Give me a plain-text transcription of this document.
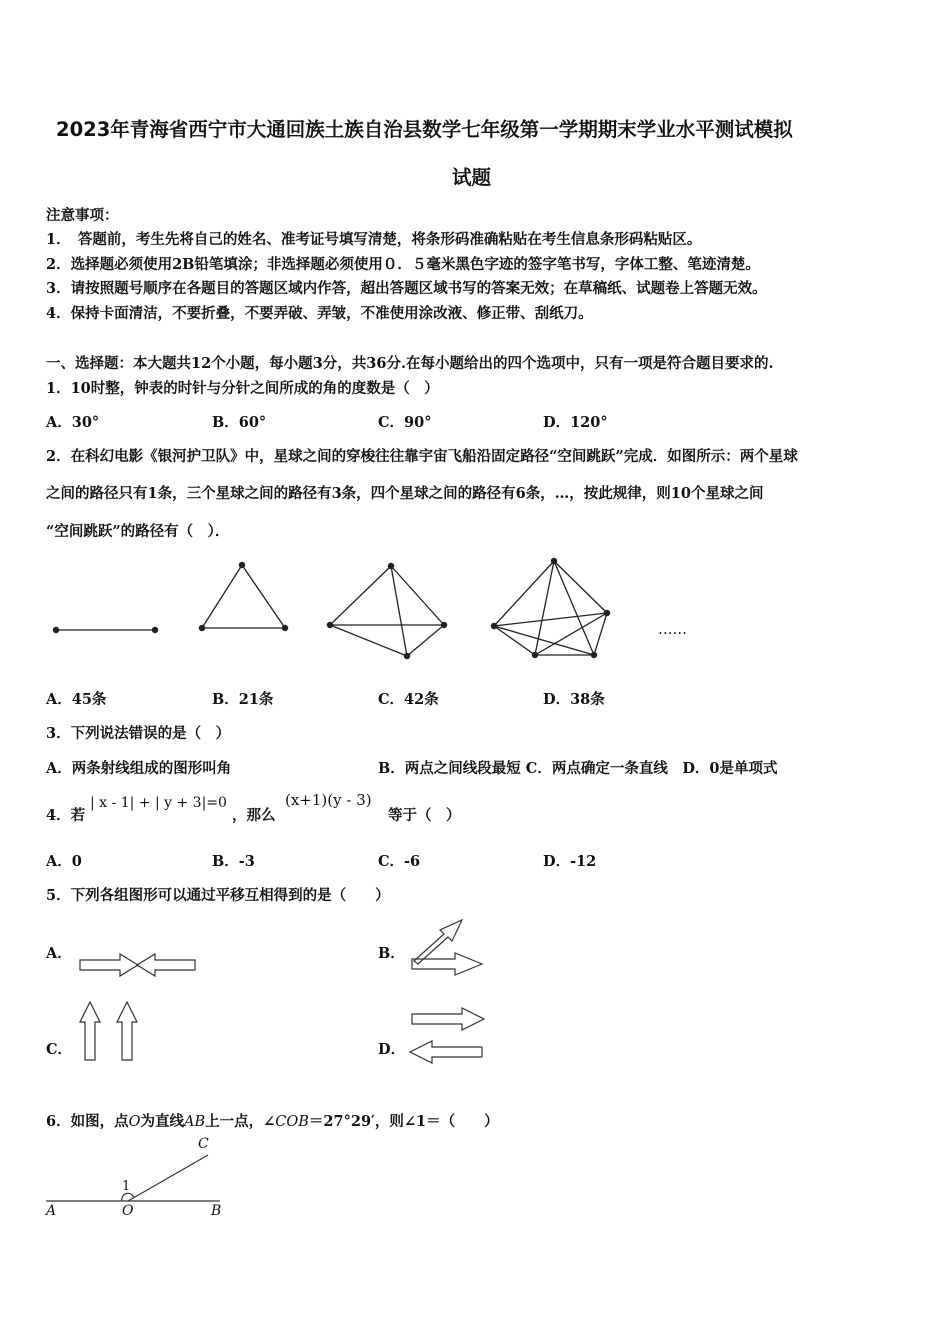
2023年青海省西宁市大通回族土族自治县数学七年级第一学期期末学业水平测试模拟
试题
注意事项：
1．　答题前，考生先将自己的姓名、准考证号填写清楚，将条形码准确粘贴在考生信息条形码粘贴区。
2．选择题必须使用2B铅笔填涂；非选择题必须使用０．５毫米黑色字迹的签字笔书写，字体工整、笔迹清楚。
3．请按照题号顺序在各题目的答题区域内作答，超出答题区域书写的答案无效；在草稿纸、试题卷上答题无效。
4．保持卡面清洁，不要折叠，不要弄破、弄皱，不准使用涂改液、修正带、刮纸刀。
一、选择题：本大题共12个小题，每小题3分，共36分.在每小题给出的四个选项中，只有一项是符合题目要求的.
1．10时整，钟表的时针与分针之间所成的角的度数是（　）
A．30°	B．60°	C．90°	D．120°
2．在科幻电影《银河护卫队》中，星球之间的穿梭往往靠宇宙飞船沿固定路径“空间跳跃”完成．如图所示：两个星球
之间的路径只有1条，三个星球之间的路径有3条，四个星球之间的路径有6条，…，按此规律，则10个星球之间
“空间跳跃”的路径有（　）．
……
A．45条	B．21条	C．42条	D．38条
3．下列说法错误的是（　）
A．两条射线组成的图形叫角	B．两点之间线段最短 C．两点确定一条直线　D．0是单项式
4．若
| x - 1| + | y + 3|=0
，那么
(x+1)(y - 3)
等于（　）
A．0	B．-3	C．-6	D．-12
5．下列各组图形可以通过平移互相得到的是（　　）
A．	B．
C．	D．
6．如图，点O为直线AB上一点，∠COB＝27°29′，则∠1＝（　　）
C
1
A	O	B
